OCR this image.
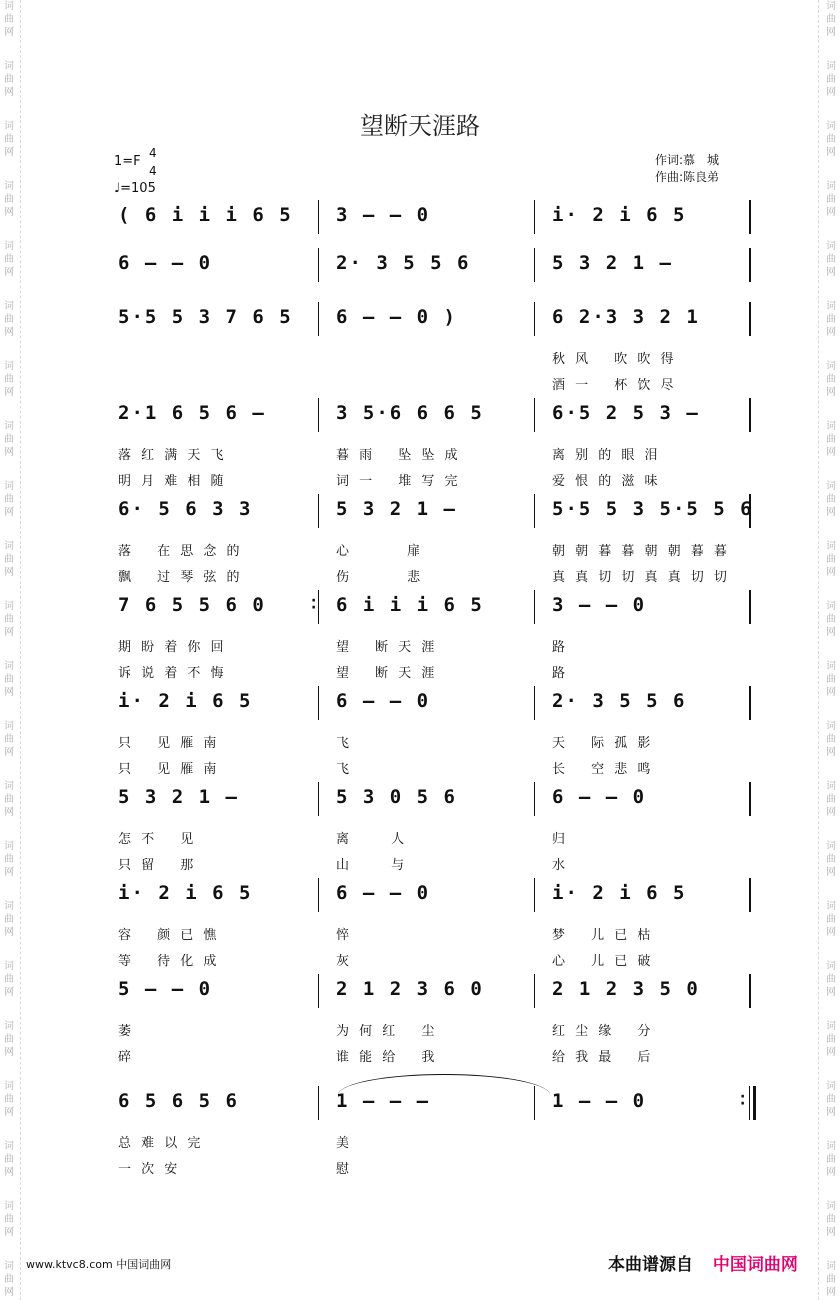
词
曲
网
词
曲
网
词
曲
网
词
曲
网
词
曲
网
词
曲
网
词
曲
网
词
曲
网
词
曲
网
词
曲
网
词
曲
网
词
曲
网
词
曲
网
词
曲
网
词
曲
网
词
曲
网
词
曲
网
词
曲
网
词
曲
网
词
曲
网
词
曲
网
词
曲
网
词
曲
网
词
曲
网
词
曲
网
词
曲
网
词
曲
网
词
曲
网
词
曲
网
词
曲
网
词
曲
网
词
曲
网
词
曲
网
词
曲
网
词
曲
网
词
曲
网
词
曲
网
词
曲
网
词
曲
网
词
曲
网
词
曲
网
词
曲
网
词
曲
网
词
曲
网
望断天涯路
1=F
4
4
♩=105
作词:慕　城
作曲:陈良弟
( 6 i i i 6 5 3 — — 0	i· 2 i 6 5
6 — — 0	2· 3 5 5 6	5 3 2 1 —
5·5 5 3 7 6 5 6 — — 0 )	6 2·3 3 2 1
秋 风　 吹 吹 得
酒 一　 杯 饮 尽
2·1 6 5 6 —	3 5·6 6 6 5	6·5 2 5 3 —
落 红 满 天 飞	暮 雨　 坠 坠 成	离 别 的 眼 泪
明 月 难 相 随	词 一　 堆 写 完	爱 恨 的 滋 味
6· 5 6 3 3	5 3 2 1 —	5·5 5 3 5·5 5 6
落　 在 思 念 的	心　　　 扉	朝 朝 暮 暮 朝 朝 暮 暮
飘　 过 琴 弦 的	伤　　　 悲	真 真 切 切 真 真 切 切
7 6 5 5 6 0	6 i i i 6 5	3 — — 0
期 盼 着 你 回	望　 断 天 涯	路
诉 说 着 不 悔	望　 断 天 涯	路
i· 2 i 6 5	6 — — 0	2· 3 5 5 6
只　 见 雁 南	飞	天　 际 孤 影
只　 见 雁 南	飞	长　 空 悲 鸣
5 3 2 1 —	5 3 0 5 6	6 — — 0
怎 不　 见	离　　 人	归
只 留　 那	山　　 与	水
i· 2 i 6 5	6 — — 0	i· 2 i 6 5
容　 颜 已 憔	悴	梦　 儿 已 枯
等　 待 化 成	灰	心　 儿 已 破
5 — — 0	2 1 2 3 6 0	2 1 2 3 5 0
萎	为 何 红　 尘	红 尘 缘　 分
碎	谁 能 给　 我	给 我 最　 后
6 5 6 5 6	1 — — —	1 — — 0
总 难 以 完	美
一 次 安	慰
·
·
·
·
www.ktvc8.com 中国词曲网	本曲谱源自 中国词曲网
